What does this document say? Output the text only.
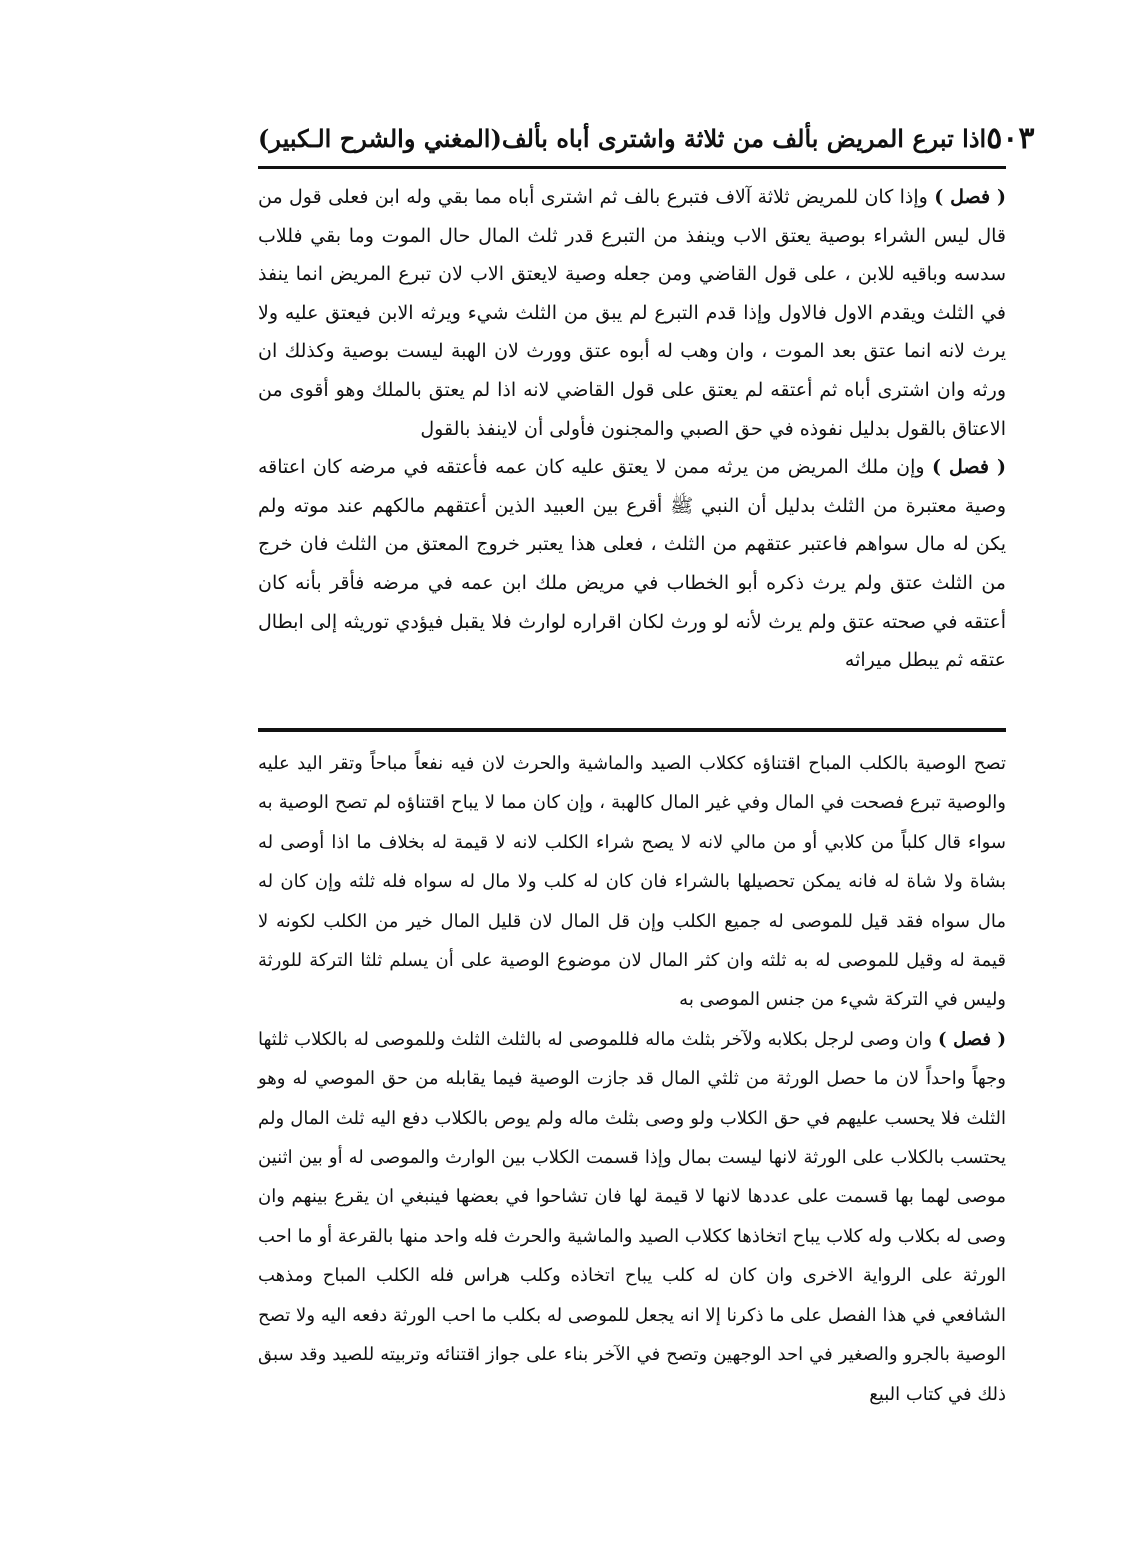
(المغني والشرح الـكبير) اذا تبرع المريض بألف من ثلاثة واشترى أباه بألف ٥٠٣

( فصل ) وإذا كان للمريض ثلاثة آلاف فتبرع بالف ثم اشترى أباه مما بقي وله ابن فعلى قول من قال ليس الشراء بوصية يعتق الاب وينفذ من التبرع قدر ثلث المال حال الموت وما بقي فللاب سدسه وباقيه للابن ، على قول القاضي ومن جعله وصية لايعتق الاب لان تبرع المريض انما ينفذ في الثلث ويقدم الاول فالاول وإذا قدم التبرع لم يبق من الثلث شيء ويرثه الابن فيعتق عليه ولا يرث لانه انما عتق بعد الموت ، وان وهب له أبوه عتق وورث لان الهبة ليست بوصية وكذلك ان ورثه وان اشترى أباه ثم أعتقه لم يعتق على قول القاضي لانه اذا لم يعتق بالملك وهو أقوى من الاعتاق بالقول بدليل نفوذه في حق الصبي والمجنون فأولى أن لاينفذ بالقول

( فصل ) وإن ملك المريض من يرثه ممن لا يعتق عليه كان عمه فأعتقه في مرضه كان اعتاقه وصية معتبرة من الثلث بدليل أن النبي ﷺ أقرع بين العبيد الذين أعتقهم مالكهم عند موته ولم يكن له مال سواهم فاعتبر عتقهم من الثلث ، فعلى هذا يعتبر خروج المعتق من الثلث فان خرج من الثلث عتق ولم يرث ذكره أبو الخطاب في مريض ملك ابن عمه في مرضه فأقر بأنه كان أعتقه في صحته عتق ولم يرث لأنه لو ورث لكان اقراره لوارث فلا يقبل فيؤدي توريثه إلى ابطال عتقه ثم يبطل ميراثه

تصح الوصية بالكلب المباح اقتناؤه ككلاب الصيد والماشية والحرث لان فيه نفعاً مباحاً وتقر اليد عليه والوصية تبرع فصحت في المال وفي غير المال كالهبة ، وإن كان مما لا يباح اقتناؤه لم تصح الوصية به سواء قال كلباً من كلابي أو من مالي لانه لا يصح شراء الكلب لانه لا قيمة له بخلاف ما اذا أوصى له بشاة ولا شاة له فانه يمكن تحصيلها بالشراء فان كان له كلب ولا مال له سواه فله ثلثه وإن كان له مال سواه فقد قيل للموصى له جميع الكلب وإن قل المال لان قليل المال خير من الكلب لكونه لا قيمة له وقيل للموصى له به ثلثه وان كثر المال لان موضوع الوصية على أن يسلم ثلثا التركة للورثة وليس في التركة شيء من جنس الموصى به

( فصل ) وان وصى لرجل بكلابه ولآخر بثلث ماله فللموصى له بالثلث الثلث وللموصى له بالكلاب ثلثها وجهاً واحداً لان ما حصل الورثة من ثلثي المال قد جازت الوصية فيما يقابله من حق الموصي له وهو الثلث فلا يحسب عليهم في حق الكلاب ولو وصى بثلث ماله ولم يوص بالكلاب دفع اليه ثلث المال ولم يحتسب بالكلاب على الورثة لانها ليست بمال وإذا قسمت الكلاب بين الوارث والموصى له أو بين اثنين موصى لهما بها قسمت على عددها لانها لا قيمة لها فان تشاحوا في بعضها فينبغي ان يقرع بينهم وان وصى له بكلاب وله كلاب يباح اتخاذها ككلاب الصيد والماشية والحرث فله واحد منها بالقرعة أو ما احب الورثة على الرواية الاخرى وان كان له كلب يباح اتخاذه وكلب هراس فله الكلب المباح ومذهب الشافعي في هذا الفصل على ما ذكرنا إلا انه يجعل للموصى له بكلب ما احب الورثة دفعه اليه ولا تصح الوصية بالجرو والصغير في احد الوجهين وتصح في الآخر بناء على جواز اقتنائه وتربيته للصيد وقد سبق ذلك في كتاب البيع
